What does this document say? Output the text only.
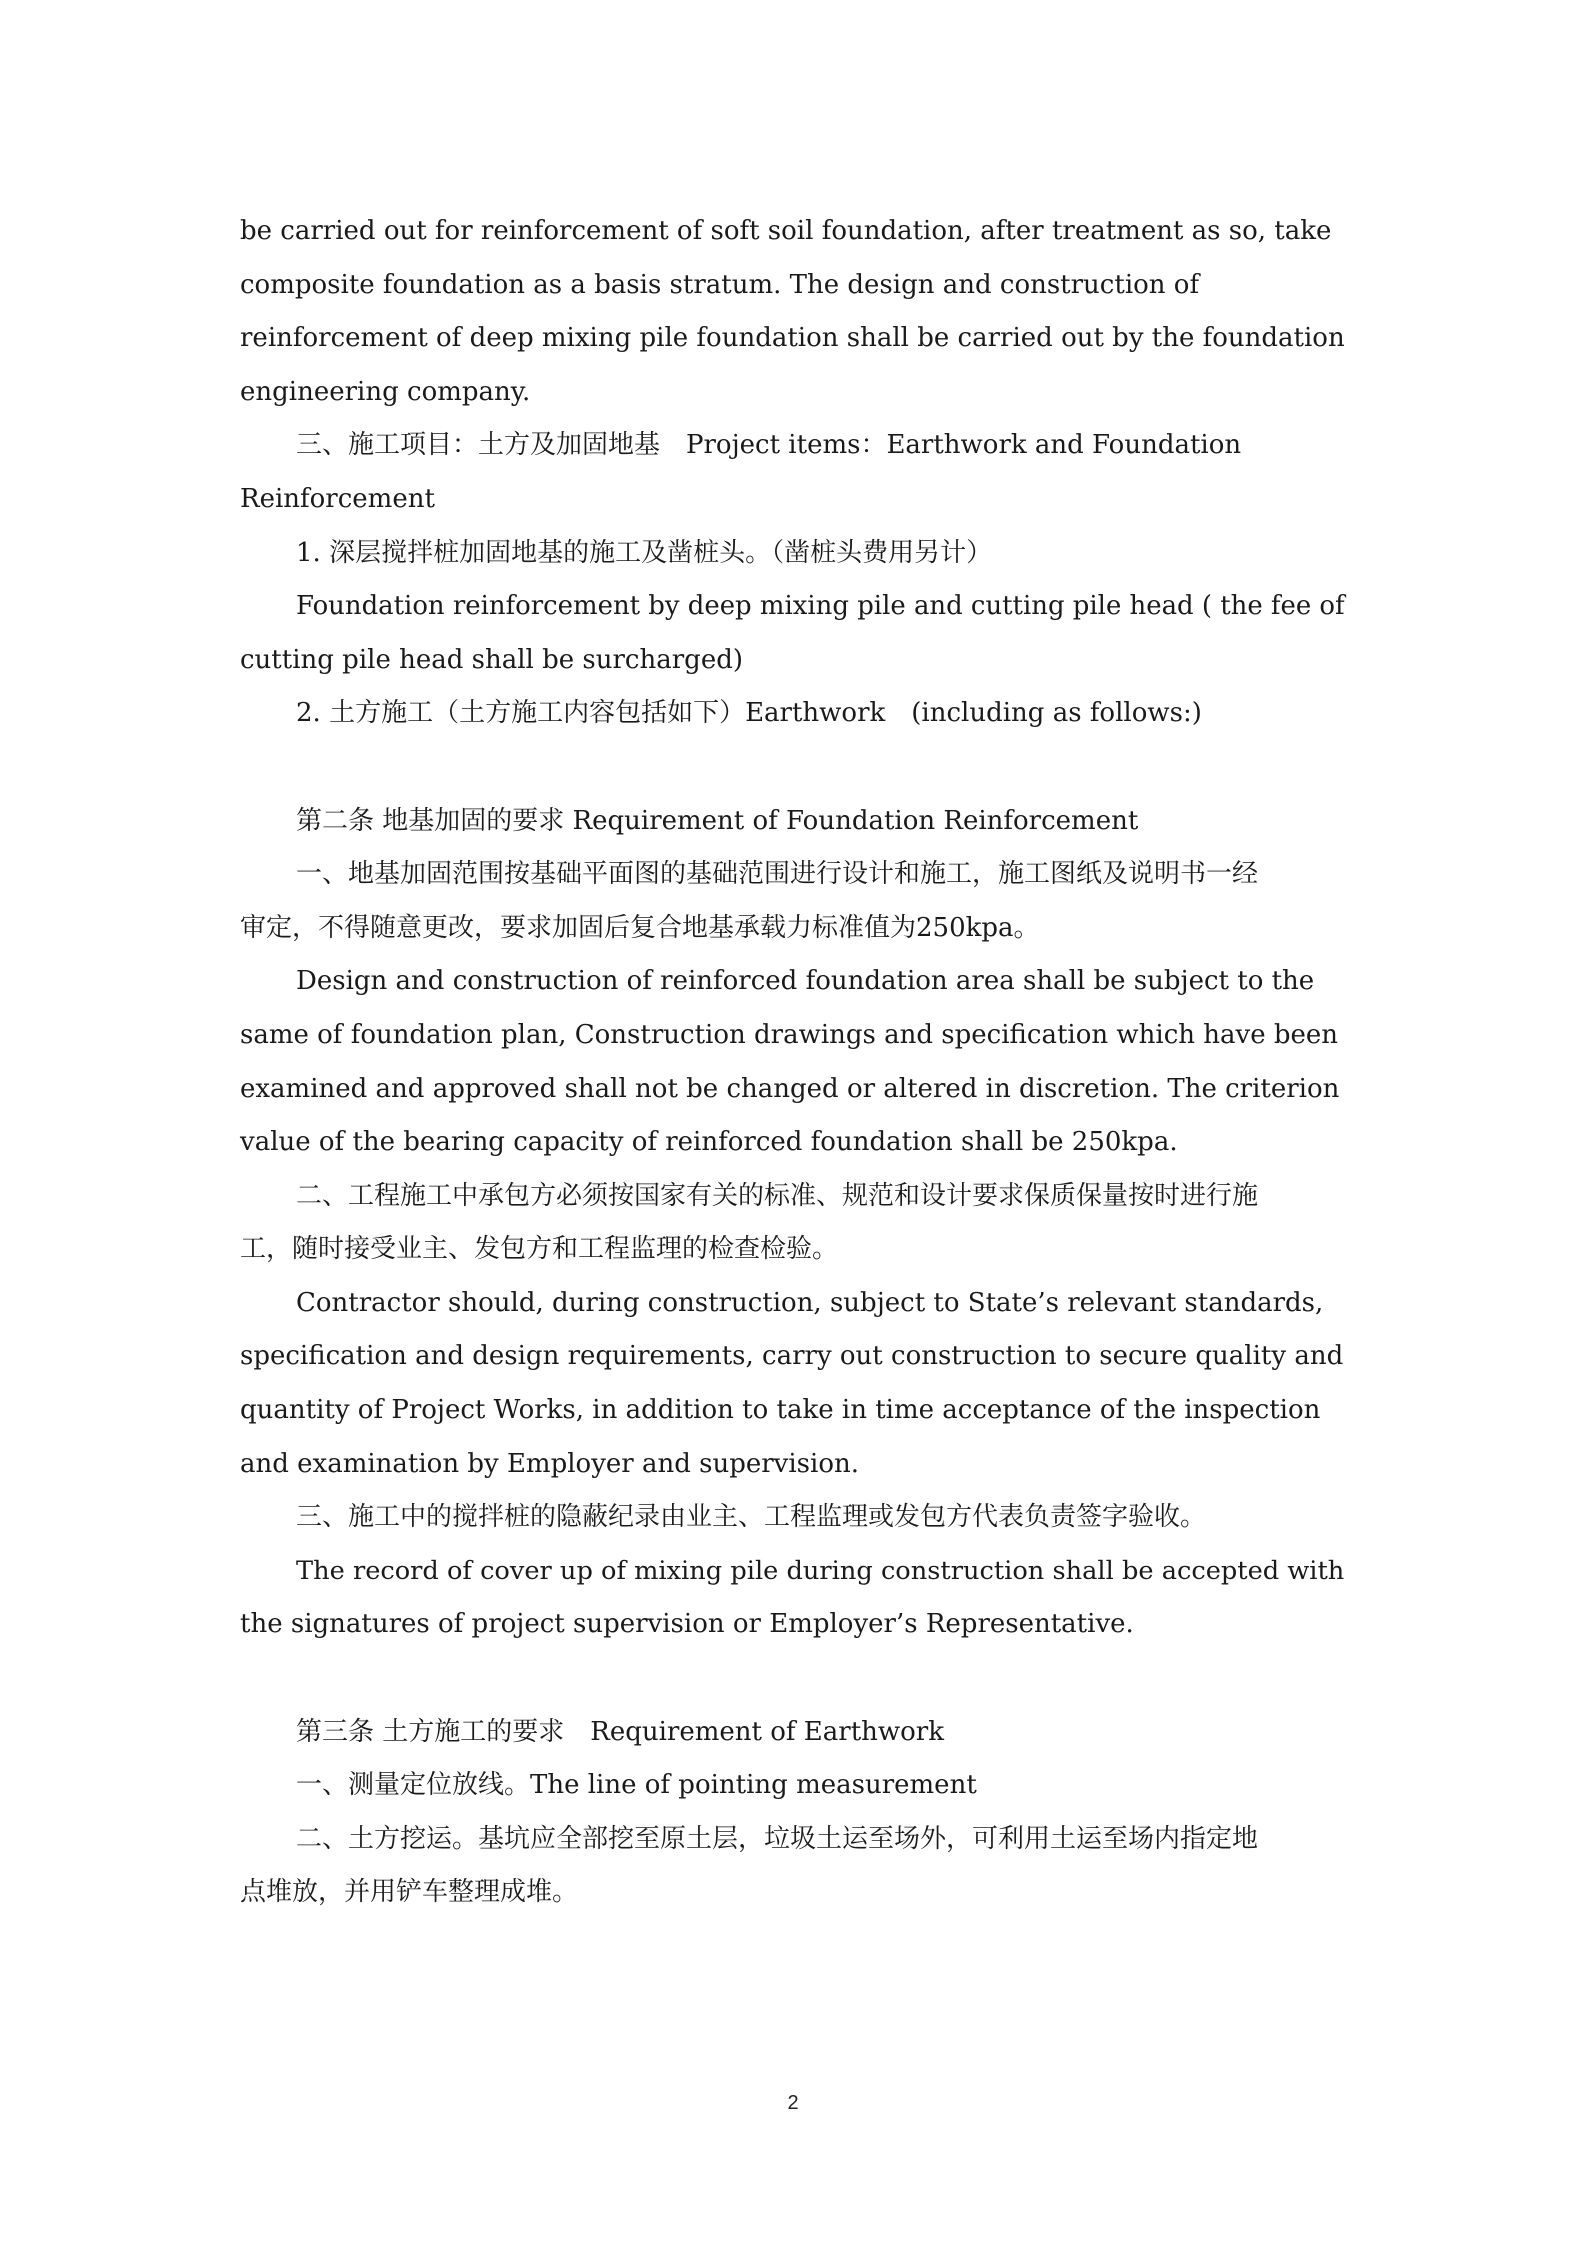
be carried out for reinforcement of soft soil foundation, after treatment as so, take
composite foundation as a basis stratum. The design and construction of
reinforcement of deep mixing pile foundation shall be carried out by the foundation
engineering company.
三、施工项目：土方及加固地基　Project items：Earthwork and Foundation
Reinforcement
1. 深层搅拌桩加固地基的施工及凿桩头。（凿桩头费用另计）
Foundation reinforcement by deep mixing pile and cutting pile head ( the fee of
cutting pile head shall be surcharged)
2. 土方施工（土方施工内容包括如下）Earthwork　(including as follows:)
第二条 地基加固的要求 Requirement of Foundation Reinforcement
一、地基加固范围按基础平面图的基础范围进行设计和施工，施工图纸及说明书一经
审定，不得随意更改，要求加固后复合地基承载力标准值为250kpa。
Design and construction of reinforced foundation area shall be subject to the
same of foundation plan, Construction drawings and specification which have been
examined and approved shall not be changed or altered in discretion. The criterion
value of the bearing capacity of reinforced foundation shall be 250kpa.
二、工程施工中承包方必须按国家有关的标准、规范和设计要求保质保量按时进行施
工，随时接受业主、发包方和工程监理的检查检验。
Contractor should, during construction, subject to State’s relevant standards,
specification and design requirements, carry out construction to secure quality and
quantity of Project Works, in addition to take in time acceptance of the inspection
and examination by Employer and supervision.
三、施工中的搅拌桩的隐蔽纪录由业主、工程监理或发包方代表负责签字验收。
The record of cover up of mixing pile during construction shall be accepted with
the signatures of project supervision or Employer’s Representative.
第三条 土方施工的要求　Requirement of Earthwork
一、测量定位放线。The line of pointing measurement
二、土方挖运。基坑应全部挖至原土层，垃圾土运至场外，可利用土运至场内指定地
点堆放，并用铲车整理成堆。
2
